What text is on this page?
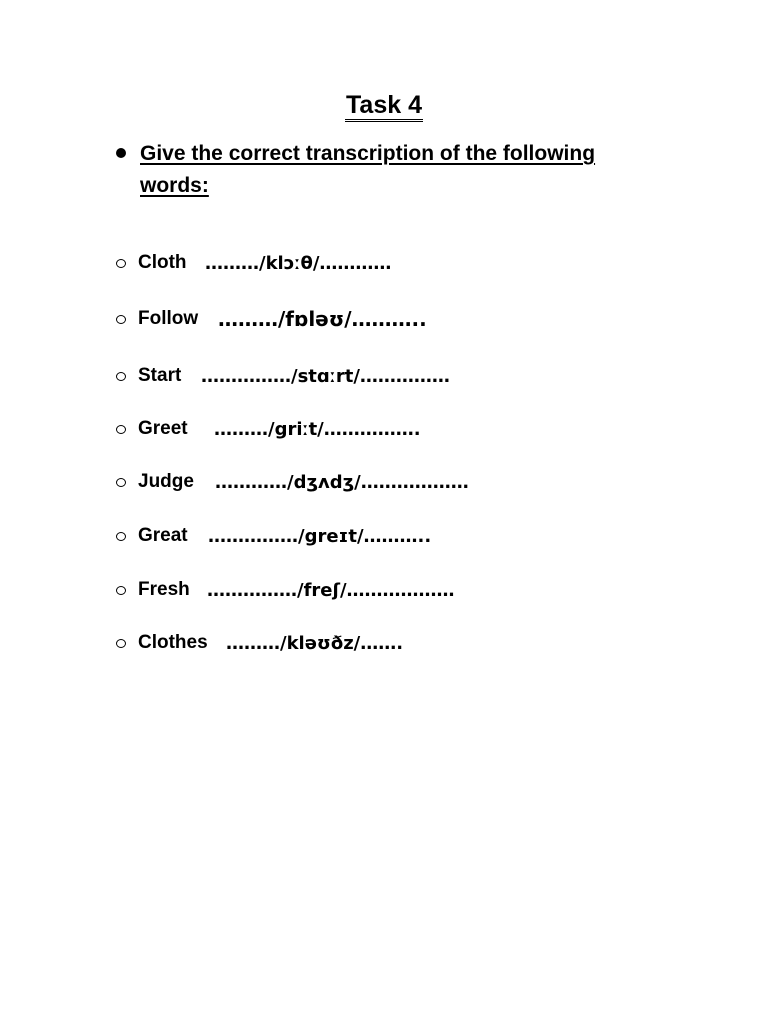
Task 4
Give the correct transcription of the following words:
Cloth	………/klɔːθ/…………
Follow ………/fɒləʊ/………..
Start	……………/stɑːrt/……………
Greet	………/griːt/…………….
Judge	…………/dʒʌdʒ/………………
Great	……………/greɪt/………..
Fresh ……………/freʃ/………………
Clothes	………/kləʊðz/…….
